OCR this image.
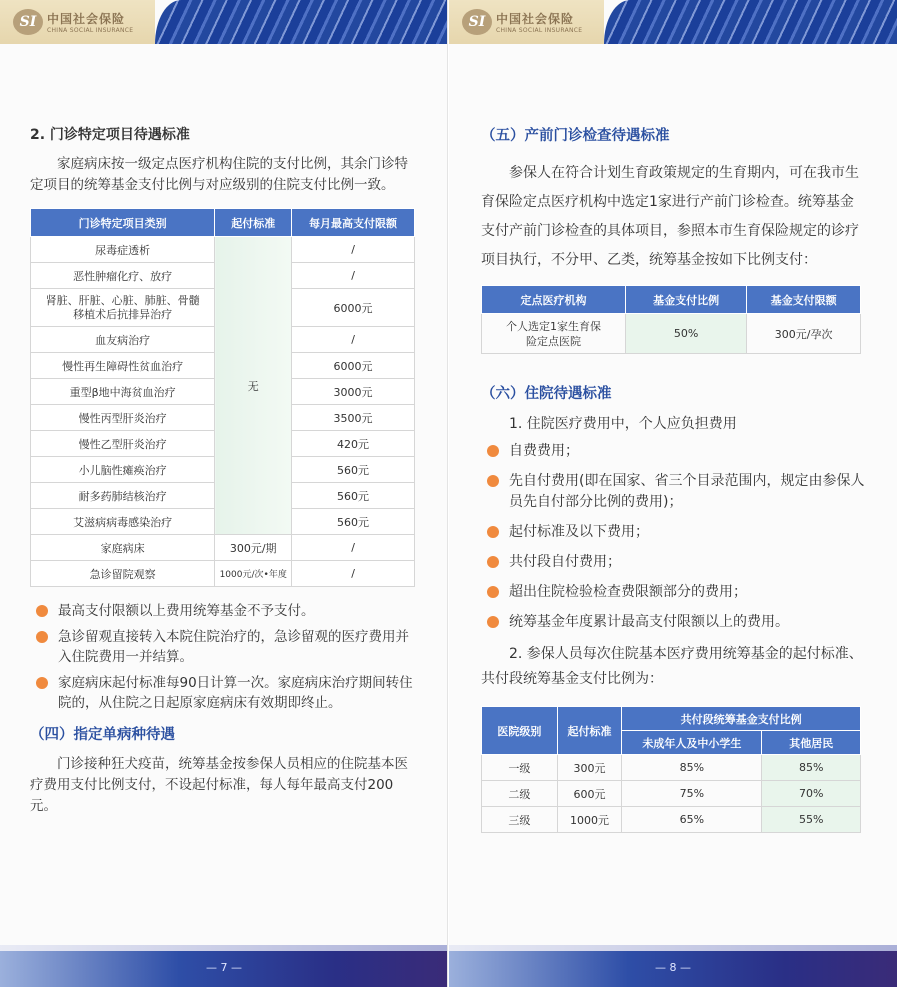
SI 中国社会保险
CHINA SOCIAL INSURANCE
2. 门诊特定项目待遇标准

家庭病床按一级定点医疗机构住院的支付比例，其余门诊特定项目的统筹基金支付比例与对应级别的住院支付比例一致。

门诊特定项目类别	起付标准	每月最高支付限额
尿毒症透析	无	/
恶性肿瘤化疗、放疗		/
肾脏、肝脏、心脏、肺脏、骨髓移植术后抗排异治疗		6000元
血友病治疗		/
慢性再生障碍性贫血治疗		6000元
重型β地中海贫血治疗		3000元
慢性丙型肝炎治疗		3500元
慢性乙型肝炎治疗		420元
小儿脑性瘫痪治疗		560元
耐多药肺结核治疗		560元
艾滋病病毒感染治疗		560元
家庭病床	300元/期	/
急诊留院观察	1000元/次•年度	/
最高支付限额以上费用统筹基金不予支付。
急诊留观直接转入本院住院治疗的，急诊留观的医疗费用并入住院费用一并结算。
家庭病床起付标准每90日计算一次。家庭病床治疗期间转住院的，从住院之日起原家庭病床有效期即终止。
（四）指定单病种待遇

门诊接种狂犬疫苗，统筹基金按参保人员相应的住院基本医疗费用支付比例支付，不设起付标准，每人每年最高支付200元。

— 7 —
SI 中国社会保险
CHINA SOCIAL INSURANCE
（五）产前门诊检查待遇标准

参保人在符合计划生育政策规定的生育期内，可在我市生育保险定点医疗机构中选定1家进行产前门诊检查。统筹基金支付产前门诊检查的具体项目，参照本市生育保险规定的诊疗项目执行，不分甲、乙类，统筹基金按如下比例支付：

定点医疗机构	基金支付比例	基金支付限额
个人选定1家生育保险定点医院	50%	300元/孕次
（六）住院待遇标准

1. 住院医疗费用中，个人应负担费用

自费费用；
先自付费用(即在国家、省三个目录范围内，规定由参保人员先自付部分比例的费用)；
起付标准及以下费用；
共付段自付费用；
超出住院检验检查费限额部分的费用；
统筹基金年度累计最高支付限额以上的费用。

2. 参保人员每次住院基本医疗费用统筹基金的起付标准、共付段统筹基金支付比例为：

医院级别	起付标准	共付段统筹基金支付比例	
		未成年人及中小学生	其他居民
一级	300元	85%	85%
二级	600元	75%	70%
三级	1000元	65%	55%
— 8 —
